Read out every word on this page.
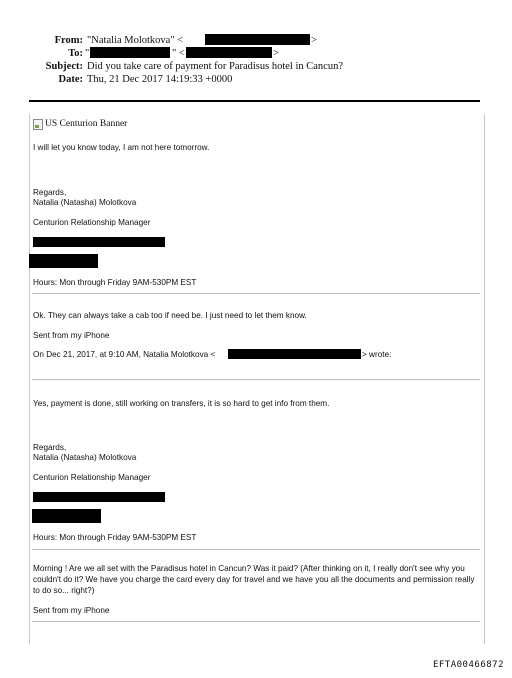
From: "Natalia Molotkova" <	>
To: "	" <	>
Subject: Did you take care of payment for Paradisus hotel in Cancun?
Date: Thu, 21 Dec 2017 14:19:33 +0000
US Centurion Banner
I will let you know today, I am not here tomorrow.
Regards,
Natalia (Natasha) Molotkova
Centurion Relationship Manager
Hours: Mon through Friday 9AM-530PM EST
Ok. They can always take a cab too if need be. I just need to let them know.
Sent from my iPhone
On Dec 21, 2017, at 9:10 AM, Natalia Molotkova <	> wrote:
Yes, payment is done, still working on transfers, it is so hard to get info from them.
Regards,
Natalia (Natasha) Molotkova
Centurion Relationship Manager
Hours: Mon through Friday 9AM-530PM EST
Morning ! Are we all set with the Paradisus hotel in Cancun? Was it paid? (After thinking on it, I really don't see why you couldn't do it? We have you charge the card every day for travel and we have you all the documents and permission really to do so... right?)
Sent from my iPhone
EFTA00466872
